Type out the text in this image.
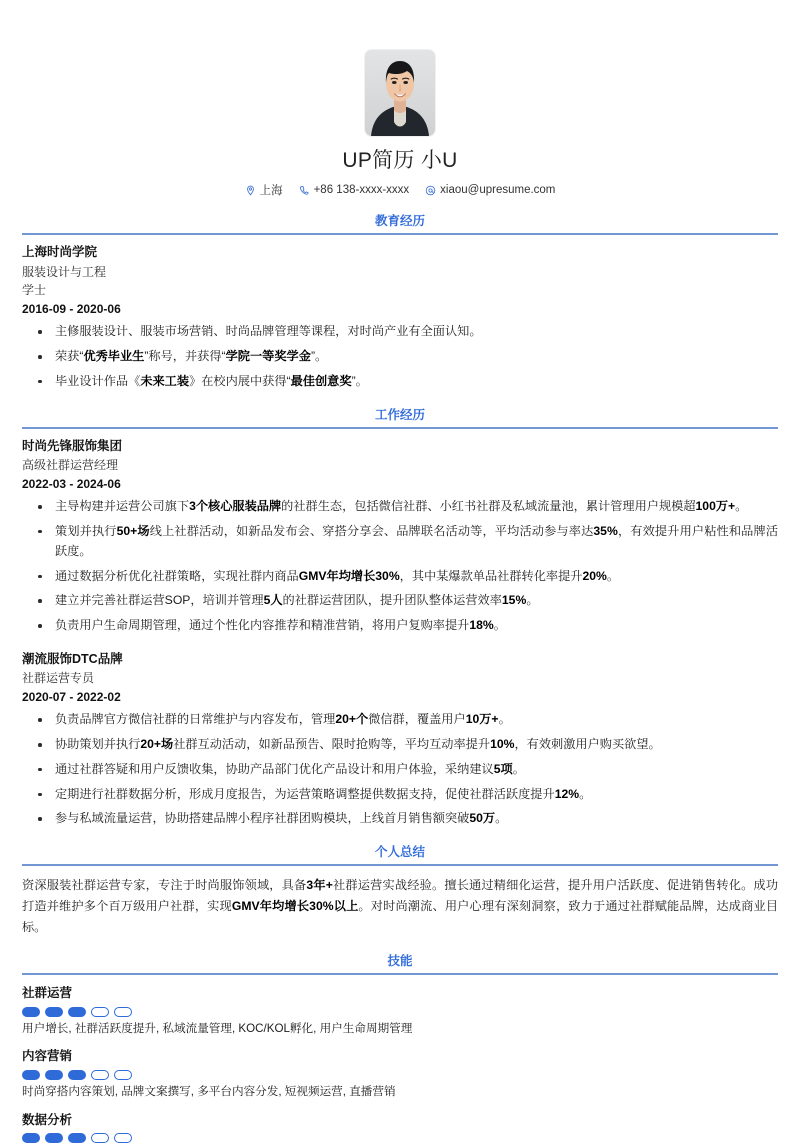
UP简历 小U
上海	+86 138-xxxx-xxxx	xiaou@upresume.com
教育经历
上海时尚学院
服装设计与工程
学士
2016-09 - 2020-06
主修服装设计、服装市场营销、时尚品牌管理等课程，对时尚产业有全面认知。
荣获“优秀毕业生”称号，并获得“学院一等奖学金”。
毕业设计作品《未来工装》在校内展中获得“最佳创意奖”。
工作经历
时尚先锋服饰集团
高级社群运营经理
2022-03 - 2024-06
主导构建并运营公司旗下3个核心服装品牌的社群生态，包括微信社群、小红书社群及私域流量池，累计管理用户规模超100万+。
策划并执行50+场线上社群活动，如新品发布会、穿搭分享会、品牌联名活动等，平均活动参与率达35%，有效提升用户粘性和品牌活跃度。
通过数据分析优化社群策略，实现社群内商品GMV年均增长30%，其中某爆款单品社群转化率提升20%。
建立并完善社群运营SOP，培训并管理5人的社群运营团队，提升团队整体运营效率15%。
负责用户生命周期管理，通过个性化内容推荐和精准营销，将用户复购率提升18%。
潮流服饰DTC品牌
社群运营专员
2020-07 - 2022-02
负责品牌官方微信社群的日常维护与内容发布，管理20+个微信群，覆盖用户10万+。
协助策划并执行20+场社群互动活动，如新品预告、限时抢购等，平均互动率提升10%，有效刺激用户购买欲望。
通过社群答疑和用户反馈收集，协助产品部门优化产品设计和用户体验，采纳建议5项。
定期进行社群数据分析，形成月度报告，为运营策略调整提供数据支持，促使社群活跃度提升12%。
参与私域流量运营，协助搭建品牌小程序社群团购模块，上线首月销售额突破50万。
个人总结
资深服装社群运营专家，专注于时尚服饰领域，具备3年+社群运营实战经验。擅长通过精细化运营，提升用户活跃度、促进销售转化。成功打造并维护多个百万级用户社群，实现GMV年均增长30%以上。对时尚潮流、用户心理有深刻洞察，致力于通过社群赋能品牌，达成商业目标。
技能
社群运营
用户增长, 社群活跃度提升, 私域流量管理, KOC/KOL孵化, 用户生命周期管理
内容营销
时尚穿搭内容策划, 品牌文案撰写, 多平台内容分发, 短视频运营, 直播营销
数据分析
